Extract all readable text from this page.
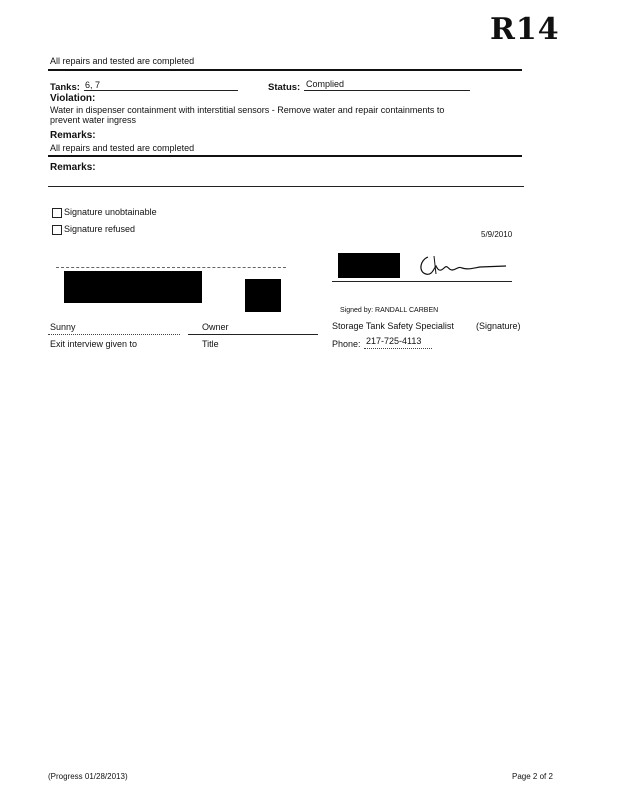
R14
All repairs and tested are completed
Tanks: 6, 7	Status: Complied
Violation:
Water in dispenser containment with interstitial sensors - Remove water and repair containments to
prevent water ingress
Remarks:
All repairs and tested are completed
Remarks:
Signature unobtainable
Signature refused
5/9/2010
Signed by: RANDALL CARBEN
Sunny
Exit interview given to
Owner
Title
Storage Tank Safety Specialist (Signature)
Phone: 217-725-4113
(Progress 01/28/2013)	Page 2 of 2
